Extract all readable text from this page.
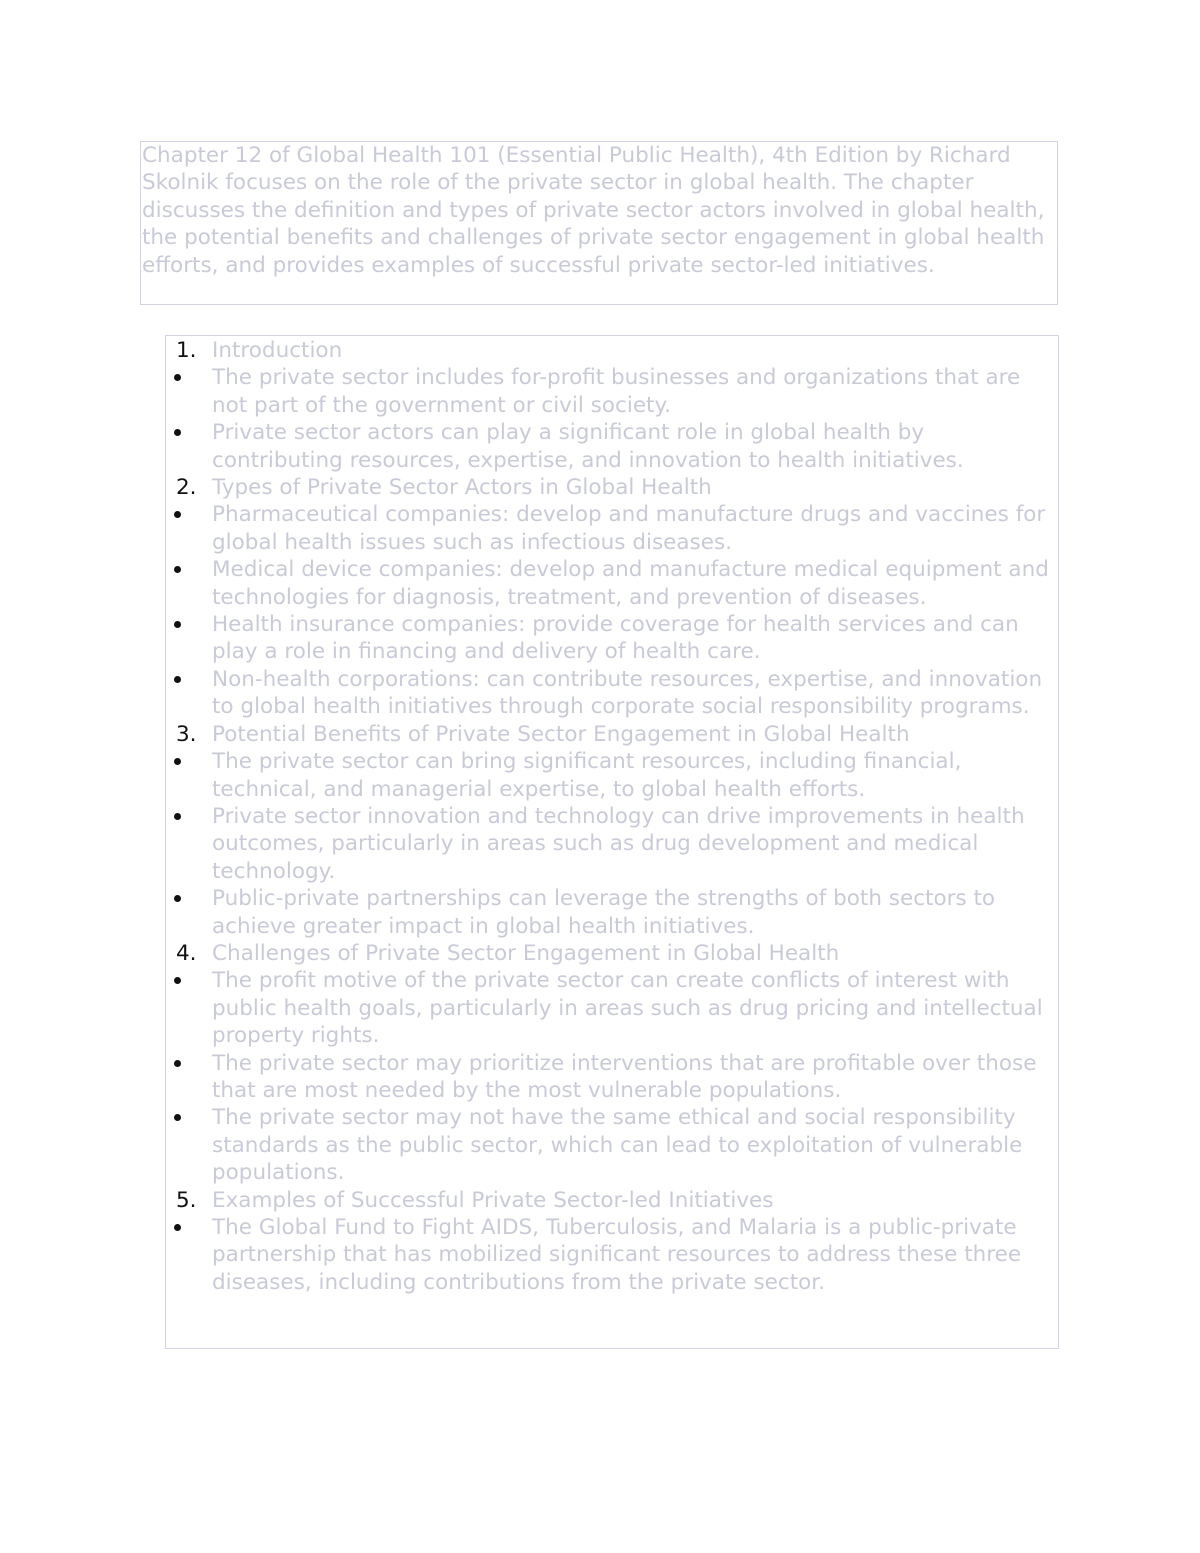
Chapter 12 of Global Health 101 (Essential Public Health), 4th Edition by Richard Skolnik focuses on the role of the private sector in global health. The chapter discusses the definition and types of private sector actors involved in global health, the potential benefits and challenges of private sector engagement in global health efforts, and provides examples of successful private sector-led initiatives.
1. Introduction
The private sector includes for-profit businesses and organizations that are not part of the government or civil society.
Private sector actors can play a significant role in global health by contributing resources, expertise, and innovation to health initiatives.
2. Types of Private Sector Actors in Global Health
Pharmaceutical companies: develop and manufacture drugs and vaccines for global health issues such as infectious diseases.
Medical device companies: develop and manufacture medical equipment and technologies for diagnosis, treatment, and prevention of diseases.
Health insurance companies: provide coverage for health services and can play a role in financing and delivery of health care.
Non-health corporations: can contribute resources, expertise, and innovation to global health initiatives through corporate social responsibility programs.
3. Potential Benefits of Private Sector Engagement in Global Health
The private sector can bring significant resources, including financial, technical, and managerial expertise, to global health efforts.
Private sector innovation and technology can drive improvements in health outcomes, particularly in areas such as drug development and medical technology.
Public-private partnerships can leverage the strengths of both sectors to achieve greater impact in global health initiatives.
4. Challenges of Private Sector Engagement in Global Health
The profit motive of the private sector can create conflicts of interest with public health goals, particularly in areas such as drug pricing and intellectual property rights.
The private sector may prioritize interventions that are profitable over those that are most needed by the most vulnerable populations.
The private sector may not have the same ethical and social responsibility standards as the public sector, which can lead to exploitation of vulnerable populations.
5. Examples of Successful Private Sector-led Initiatives
The Global Fund to Fight AIDS, Tuberculosis, and Malaria is a public-private partnership that has mobilized significant resources to address these three diseases, including contributions from the private sector.
